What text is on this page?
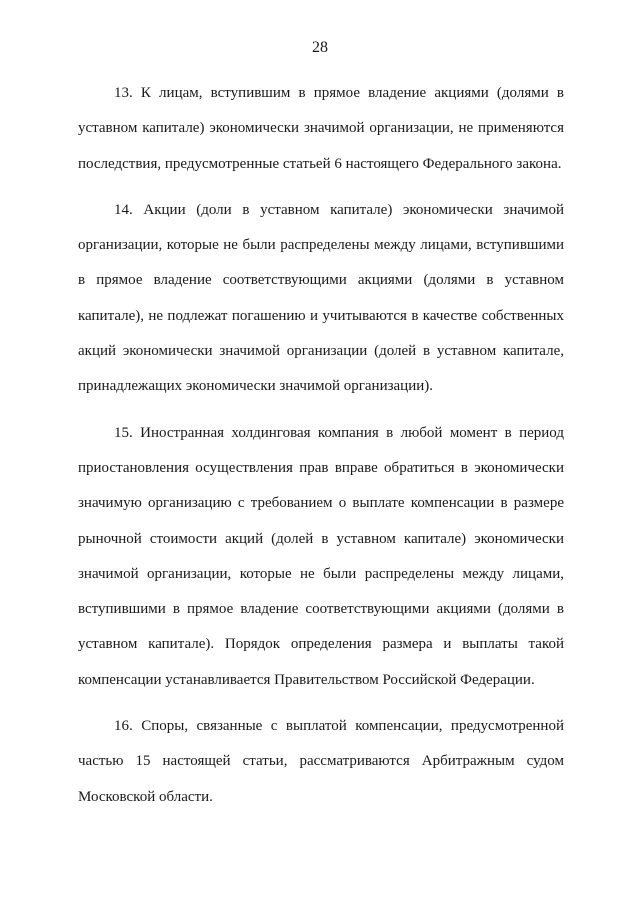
28

13. К лицам, вступившим в прямое владение акциями (долями в уставном капитале) экономически значимой организации, не применяются последствия, предусмотренные статьей 6 настоящего Федерального закона.

14. Акции (доли в уставном капитале) экономически значимой организации, которые не были распределены между лицами, вступившими в прямое владение соответствующими акциями (долями в уставном капитале), не подлежат погашению и учитываются в качестве собственных акций экономически значимой организации (долей в уставном капитале, принадлежащих экономически значимой организации).

15. Иностранная холдинговая компания в любой момент в период приостановления осуществления прав вправе обратиться в экономически значимую организацию с требованием о выплате компенсации в размере рыночной стоимости акций (долей в уставном капитале) экономически значимой организации, которые не были распределены между лицами, вступившими в прямое владение соответствующими акциями (долями в уставном капитале). Порядок определения размера и выплаты такой компенсации устанавливается Правительством Российской Федерации.

16. Споры, связанные с выплатой компенсации, предусмотренной частью 15 настоящей статьи, рассматриваются Арбитражным судом Московской области.
